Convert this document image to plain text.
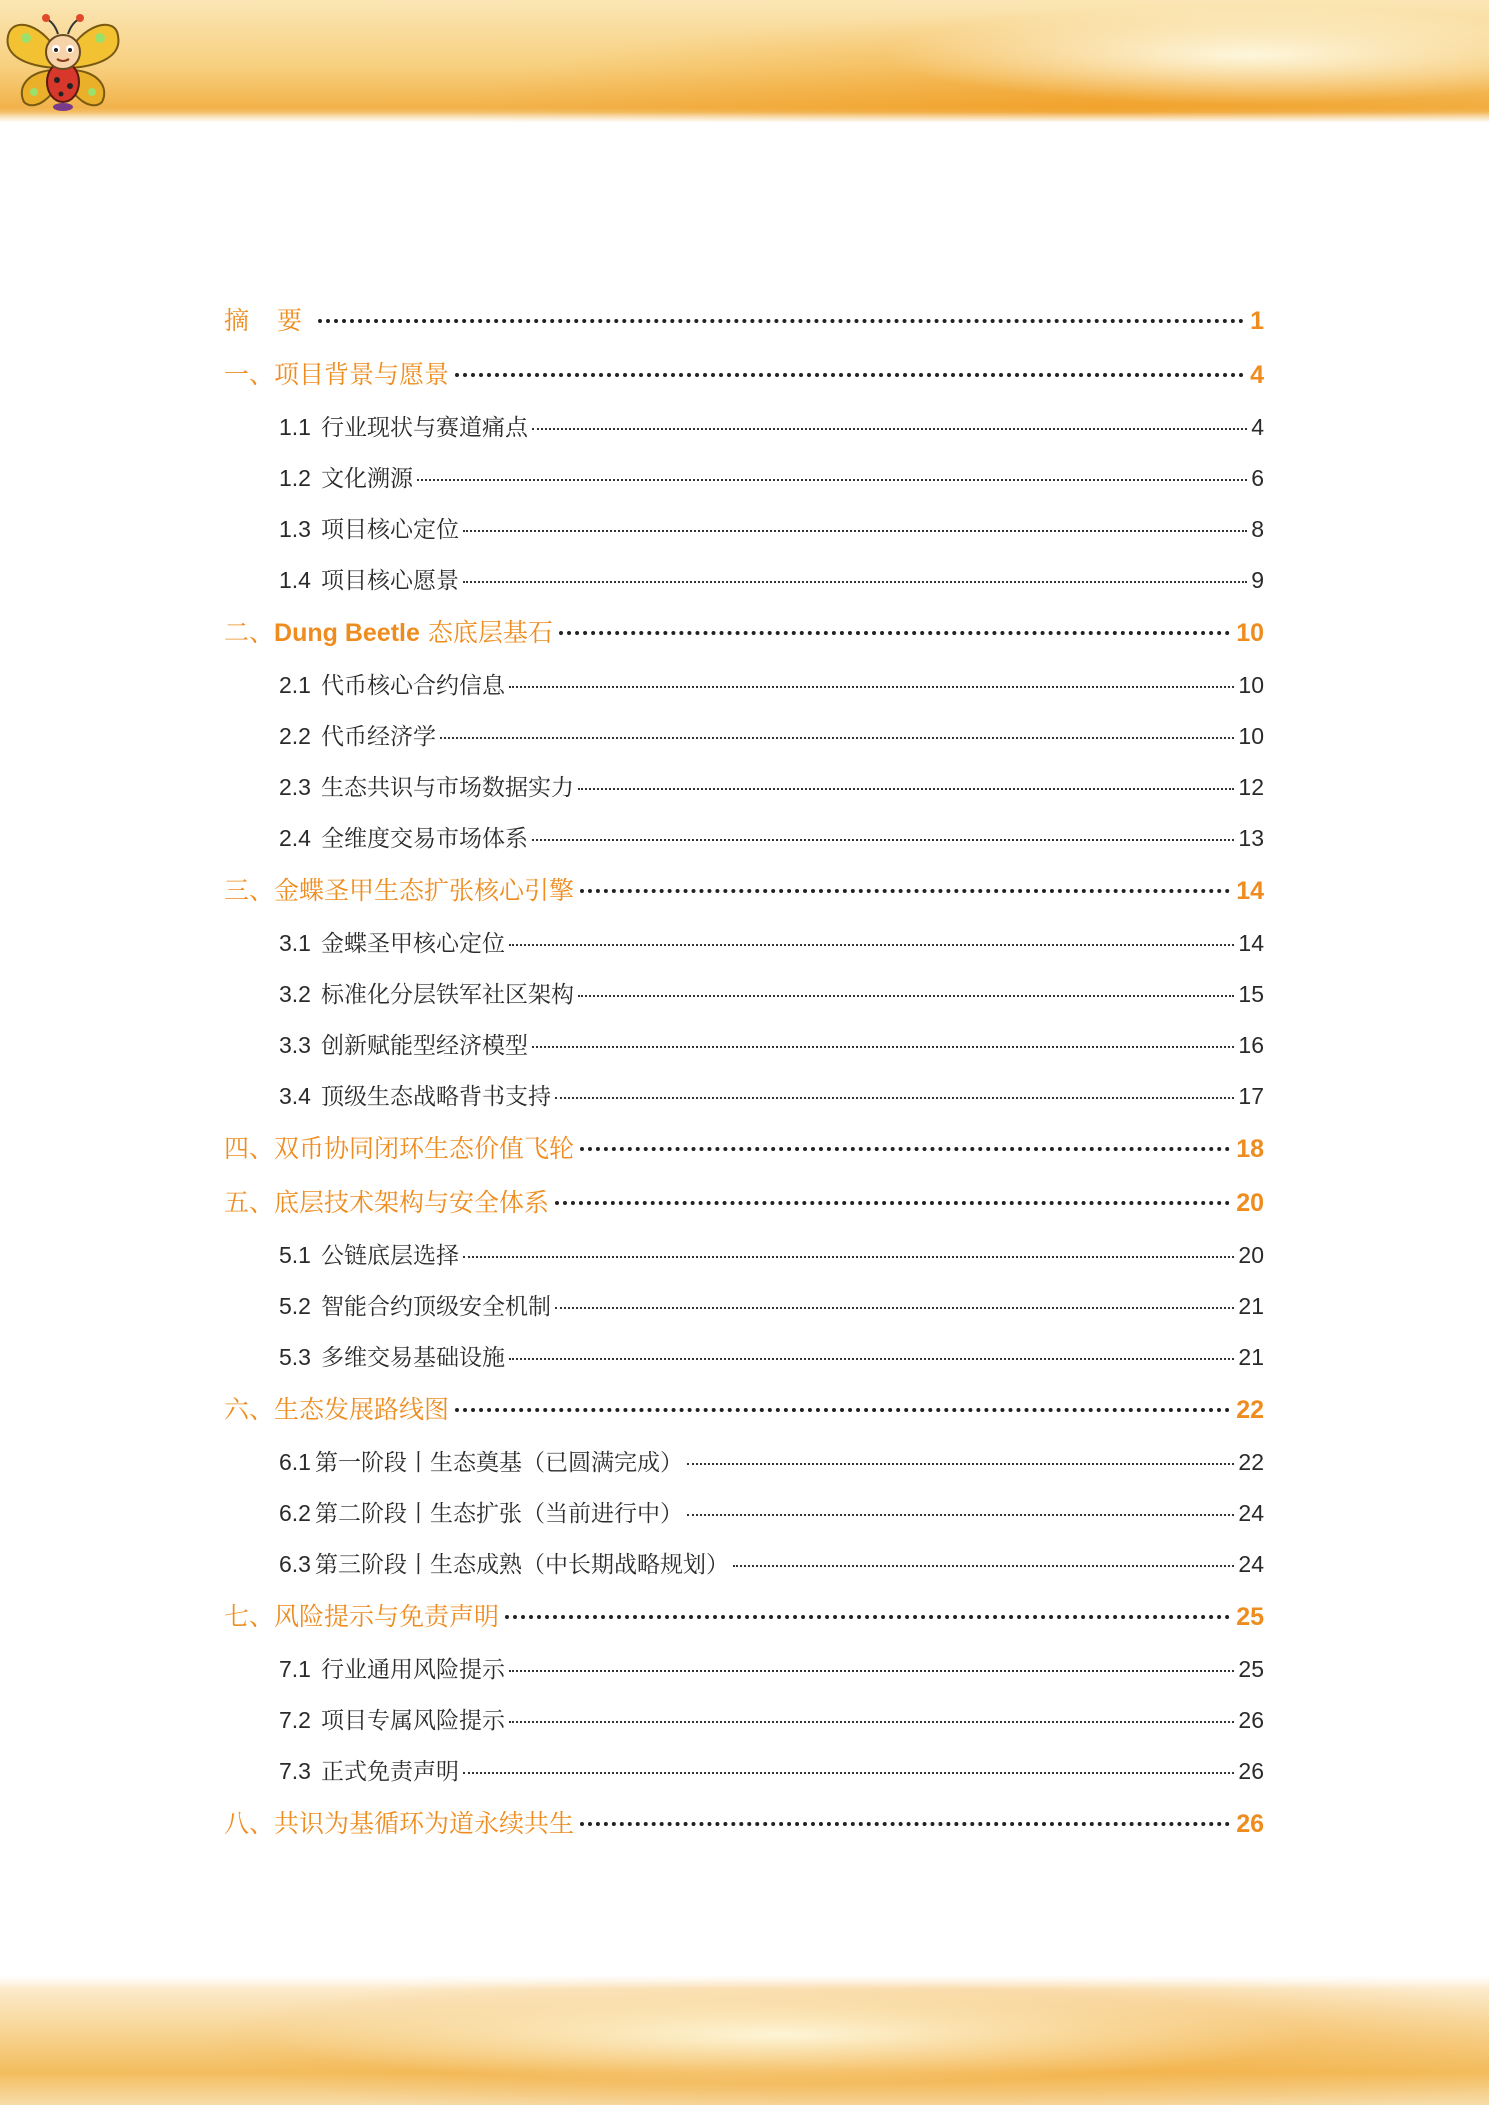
摘 要	1
一、项目背景与愿景	4
1.1 行业现状与赛道痛点	4
1.2 文化溯源	6
1.3 项目核心定位	8
1.4 项目核心愿景	9
二、Dung Beetle 态底层基石	10
2.1 代币核心合约信息	10
2.2 代币经济学	10
2.3 生态共识与市场数据实力	12
2.4 全维度交易市场体系	13
三、金蝶圣甲生态扩张核心引擎	14
3.1 金蝶圣甲核心定位	14
3.2 标准化分层铁军社区架构	15
3.3 创新赋能型经济模型	16
3.4 顶级生态战略背书支持	17
四、双币协同闭环生态价值飞轮	18
五、底层技术架构与安全体系	20
5.1 公链底层选择	20
5.2 智能合约顶级安全机制	21
5.3 多维交易基础设施	21
六、生态发展路线图	22
6.1 第一阶段丨生态奠基（已圆满完成）	22
6.2 第二阶段丨生态扩张（当前进行中）	24
6.3 第三阶段丨生态成熟（中长期战略规划）	24
七、风险提示与免责声明	25
7.1 行业通用风险提示	25
7.2 项目专属风险提示	26
7.3 正式免责声明	26
八、共识为基循环为道永续共生	26
